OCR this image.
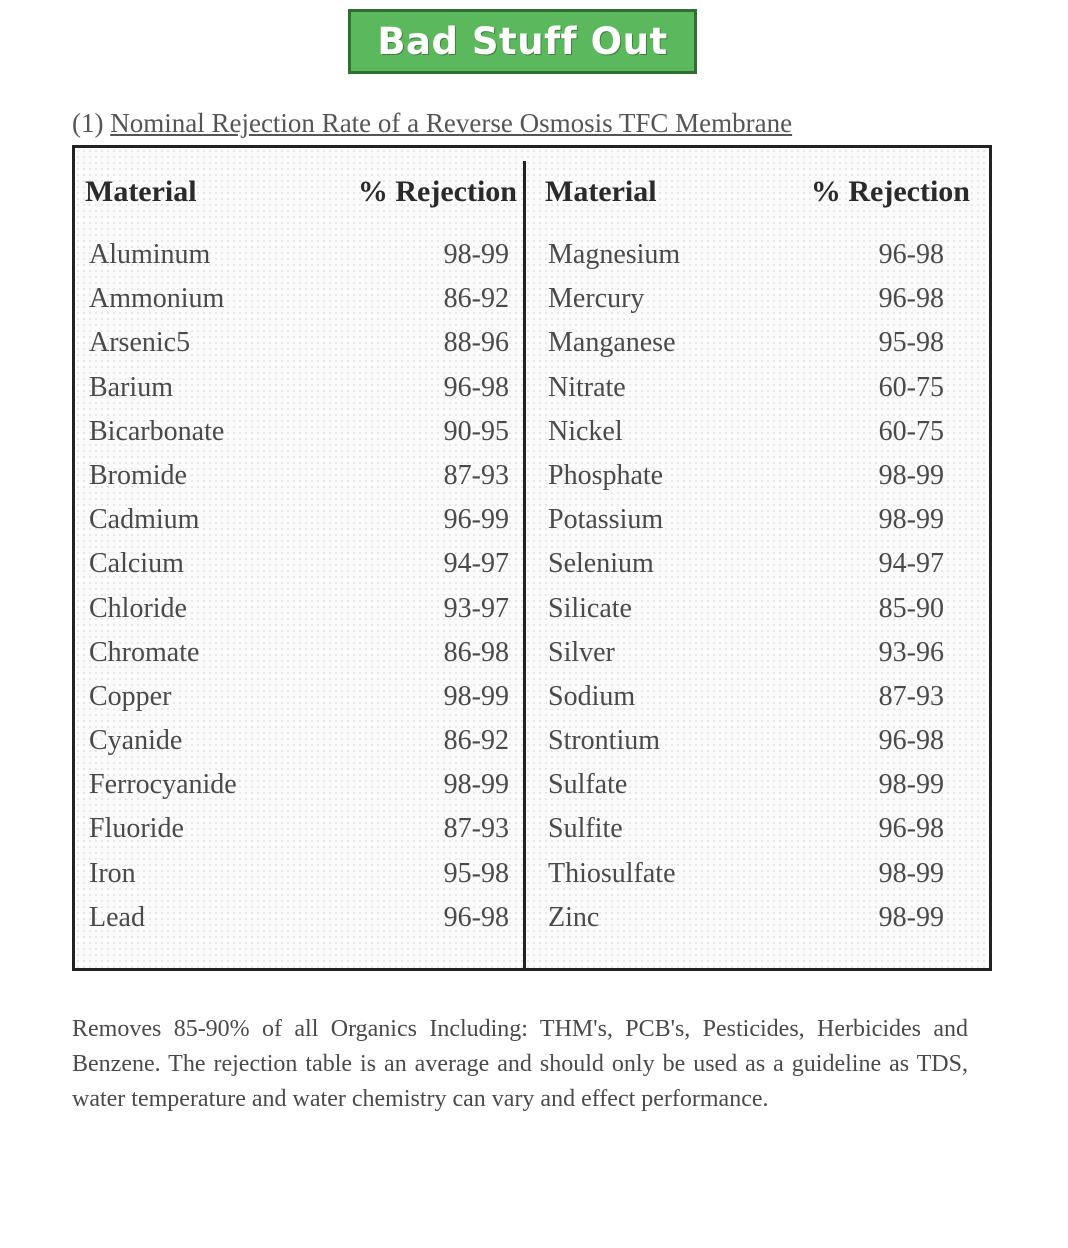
Bad Stuff Out
(1) Nominal Rejection Rate of a Reverse Osmosis TFC Membrane
Material	% Rejection
Aluminum	98-99
Ammonium	86-92
Arsenic5	88-96
Barium	96-98
Bicarbonate	90-95
Bromide	87-93
Cadmium	96-99
Calcium	94-97
Chloride	93-97
Chromate	86-98
Copper	98-99
Cyanide	86-92
Ferrocyanide	98-99
Fluoride	87-93
Iron	95-98
Lead	96-98
Material	% Rejection
Magnesium	96-98
Mercury	96-98
Manganese	95-98
Nitrate	60-75
Nickel	60-75
Phosphate	98-99
Potassium	98-99
Selenium	94-97
Silicate	85-90
Silver	93-96
Sodium	87-93
Strontium	96-98
Sulfate	98-99
Sulfite	96-98
Thiosulfate	98-99
Zinc	98-99
Removes 85-90% of all Organics Including: THM's, PCB's, Pesticides, Herbicides and Benzene. The rejection table is an average and should only be used as a guideline as TDS, water temperature and water chemistry can vary and effect performance.
